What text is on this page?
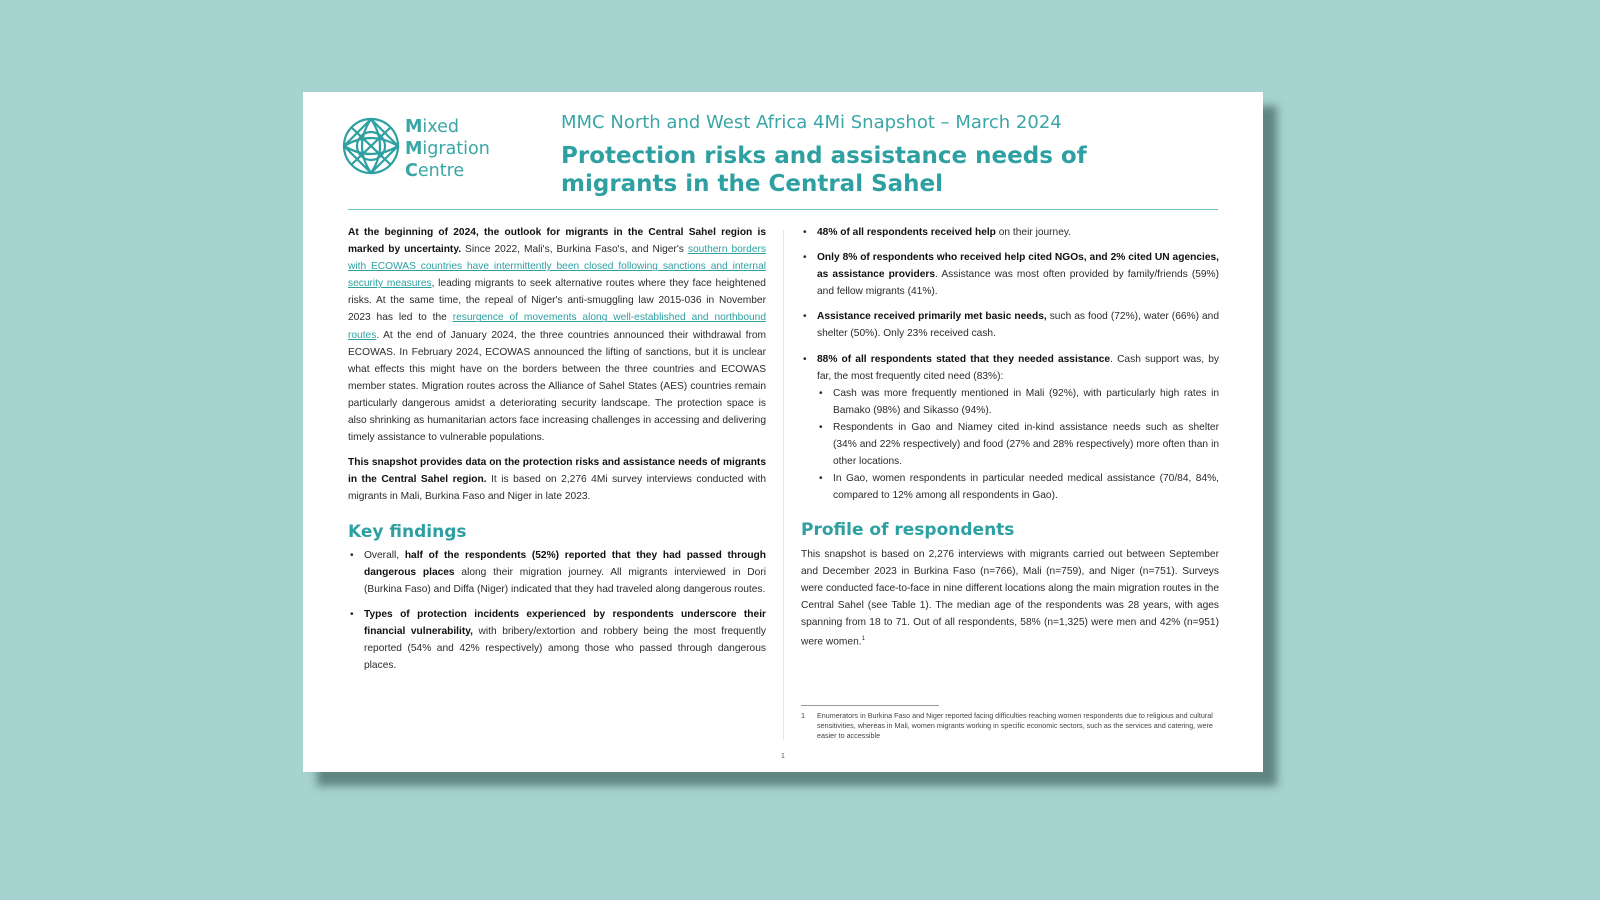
Mixed
Migration
Centre
MMC North and West Africa 4Mi Snapshot – March 2024
Protection risks and assistance needs of migrants in the Central Sahel

At the beginning of 2024, the outlook for migrants in the Central Sahel region is marked by uncertainty. Since 2022, Mali's, Burkina Faso's, and Niger's southern borders with ECOWAS countries have intermittently been closed following sanctions and internal security measures, leading migrants to seek alternative routes where they face heightened risks. At the same time, the repeal of Niger's anti-smuggling law 2015-036 in November 2023 has led to the resurgence of movements along well-established and northbound routes. At the end of January 2024, the three countries announced their withdrawal from ECOWAS. In February 2024, ECOWAS announced the lifting of sanctions, but it is unclear what effects this might have on the borders between the three countries and ECOWAS member states. Migration routes across the Alliance of Sahel States (AES) countries remain particularly dangerous amidst a deteriorating security landscape. The protection space is also shrinking as humanitarian actors face increasing challenges in accessing and delivering timely assistance to vulnerable populations.

This snapshot provides data on the protection risks and assistance needs of migrants in the Central Sahel region. It is based on 2,276 4Mi survey interviews conducted with migrants in Mali, Burkina Faso and Niger in late 2023.

Key findings
• Overall, half of the respondents (52%) reported that they had passed through dangerous places along their migration journey. All migrants interviewed in Dori (Burkina Faso) and Diffa (Niger) indicated that they had traveled along dangerous routes.
• Types of protection incidents experienced by respondents underscore their financial vulnerability, with bribery/extortion and robbery being the most frequently reported (54% and 42% respectively) among those who passed through dangerous places.
• 48% of all respondents received help on their journey.
• Only 8% of respondents who received help cited NGOs, and 2% cited UN agencies, as assistance providers. Assistance was most often provided by family/friends (59%) and fellow migrants (41%).
• Assistance received primarily met basic needs, such as food (72%), water (66%) and shelter (50%). Only 23% received cash.
• 88% of all respondents stated that they needed assistance. Cash support was, by far, the most frequently cited need (83%):
• Cash was more frequently mentioned in Mali (92%), with particularly high rates in Bamako (98%) and Sikasso (94%).
• Respondents in Gao and Niamey cited in-kind assistance needs such as shelter (34% and 22% respectively) and food (27% and 28% respectively) more often than in other locations.
• In Gao, women respondents in particular needed medical assistance (70/84, 84%, compared to 12% among all respondents in Gao).
Profile of respondents

This snapshot is based on 2,276 interviews with migrants carried out between September and December 2023 in Burkina Faso (n=766), Mali (n=759), and Niger (n=751). Surveys were conducted face-to-face in nine different locations along the main migration routes in the Central Sahel (see Table 1). The median age of the respondents was 28 years, with ages spanning from 18 to 71. Out of all respondents, 58% (n=1,325) were men and 42% (n=951) were women.$^1$

1	Enumerators in Burkina Faso and Niger reported facing difficulties reaching women respondents due to religious and cultural sensitivities, whereas in Mali, women migrants working in specific economic sectors, such as the services and catering, were easier to accessible
1
